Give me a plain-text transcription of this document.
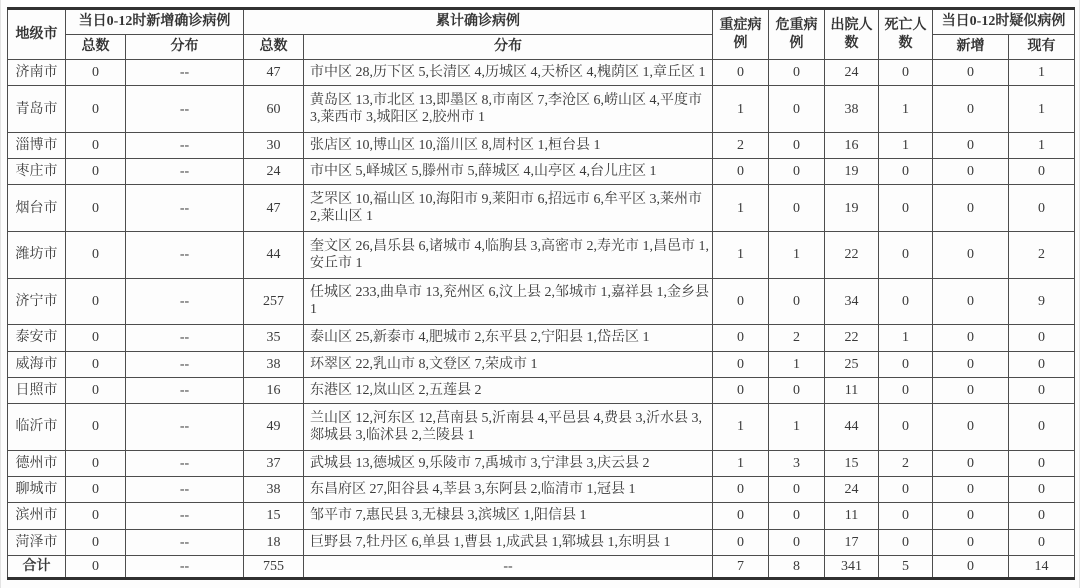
地级市	当日0-12时新增确诊病例		累计确诊病例		重症病例	危重病例	出院人数	死亡人数	当日0-12时疑似病例	
	总数	分布	总数	分布					新增	现有
济南市	0	--	47	市中区 28,历下区 5,长清区 4,历城区 4,天桥区 4,槐荫区 1,章丘区 1	0	0	24	0	0	1
青岛市	0	--	60	黄岛区 13,市北区 13,即墨区 8,市南区 7,李沧区 6,崂山区 4,平度市 3,莱西市 3,城阳区 2,胶州市 1	1	0	38	1	0	1
淄博市	0	--	30	张店区 10,博山区 10,淄川区 8,周村区 1,桓台县 1	2	0	16	1	0	1
枣庄市	0	--	24	市中区 5,峄城区 5,滕州市 5,薛城区 4,山亭区 4,台儿庄区 1	0	0	19	0	0	0
烟台市	0	--	47	芝罘区 10,福山区 10,海阳市 9,莱阳市 6,招远市 6,牟平区 3,莱州市 2,莱山区 1	1	0	19	0	0	0
潍坊市	0	--	44	奎文区 26,昌乐县 6,诸城市 4,临朐县 3,高密市 2,寿光市 1,昌邑市 1,安丘市 1	1	1	22	0	0	2
济宁市	0	--	257	任城区 233,曲阜市 13,兖州区 6,汶上县 2,邹城市 1,嘉祥县 1,金乡县 1	0	0	34	0	0	9
泰安市	0	--	35	泰山区 25,新泰市 4,肥城市 2,东平县 2,宁阳县 1,岱岳区 1	0	2	22	1	0	0
威海市	0	--	38	环翠区 22,乳山市 8,文登区 7,荣成市 1	0	1	25	0	0	0
日照市	0	--	16	东港区 12,岚山区 2,五莲县 2	0	0	11	0	0	0
临沂市	0	--	49	兰山区 12,河东区 12,莒南县 5,沂南县 4,平邑县 4,费县 3,沂水县 3,郯城县 3,临沭县 2,兰陵县 1	1	1	44	0	0	0
德州市	0	--	37	武城县 13,德城区 9,乐陵市 7,禹城市 3,宁津县 3,庆云县 2	1	3	15	2	0	0
聊城市	0	--	38	东昌府区 27,阳谷县 4,莘县 3,东阿县 2,临清市 1,冠县 1	0	0	24	0	0	0
滨州市	0	--	15	邹平市 7,惠民县 3,无棣县 3,滨城区 1,阳信县 1	0	0	11	0	0	0
菏泽市	0	--	18	巨野县 7,牡丹区 6,单县 1,曹县 1,成武县 1,郓城县 1,东明县 1	0	0	17	0	0	0
合计	0	--	755	--	7	8	341	5	0	14
